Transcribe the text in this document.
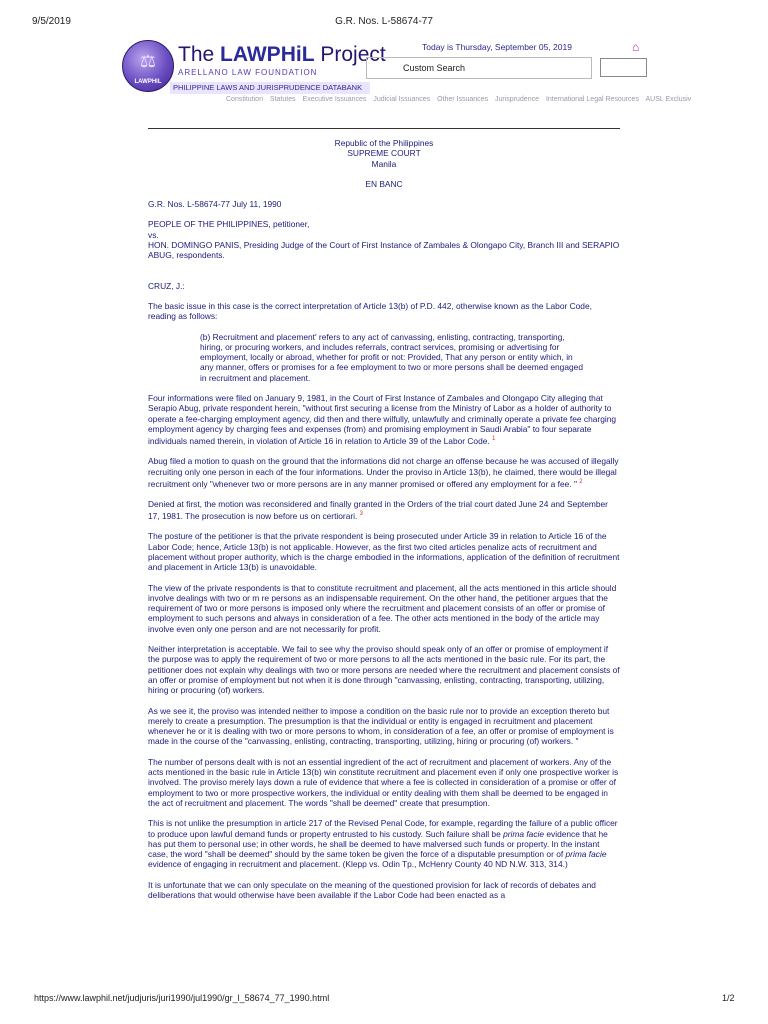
9/5/2019	G.R. Nos. L-58674-77
⚖
LAWPHIL
The LAWPHiL Project
ARELLANO LAW FOUNDATION
PHILIPPINE LAWS AND JURISPRUDENCE DATABANK
Today is Thursday, September 05, 2019	⌂
Custom Search
Constitution Statutes Executive Issuances Judicial Issuances Other Issuances Jurisprudence International Legal Resources AUSL Exclusiv
Republic of the Philippines
SUPREME COURT
Manila
EN BANC

G.R. Nos. L-58674-77 July 11, 1990

PEOPLE OF THE PHILIPPINES, petitioner,
vs.
HON. DOMINGO PANIS, Presiding Judge of the Court of First Instance of Zambales & Olongapo City, Branch III and SERAPIO ABUG, respondents.

CRUZ, J.:

The basic issue in this case is the correct interpretation of Article 13(b) of P.D. 442, otherwise known as the Labor Code, reading as follows:

(b) Recruitment and placement' refers to any act of canvassing, enlisting, contracting, transporting, hiring, or procuring workers, and includes referrals, contract services, promising or advertising for employment, locally or abroad, whether for profit or not: Provided, That any person or entity which, in any manner, offers or promises for a fee employment to two or more persons shall be deemed engaged in recruitment and placement.

Four informations were filed on January 9, 1981, in the Court of First Instance of Zambales and Olongapo City alleging that Serapio Abug, private respondent herein, "without first securing a license from the Ministry of Labor as a holder of authority to operate a fee-charging employment agency, did then and there wilfully, unlawfully and criminally operate a private fee charging employment agency by charging fees and expenses (from) and promising employment in Saudi Arabia" to four separate individuals named therein, in violation of Article 16 in relation to Article 39 of the Labor Code. $^1$

Abug filed a motion to quash on the ground that the informations did not charge an offense because he was accused of illegally recruiting only one person in each of the four informations. Under the proviso in Article 13(b), he claimed, there would be illegal recruitment only "whenever two or more persons are in any manner promised or offered any employment for a fee. " $^2$

Denied at first, the motion was reconsidered and finally granted in the Orders of the trial court dated June 24 and September 17, 1981. The prosecution is now before us on certiorari. $^3$

The posture of the petitioner is that the private respondent is being prosecuted under Article 39 in relation to Article 16 of the Labor Code; hence, Article 13(b) is not applicable. However, as the first two cited articles penalize acts of recruitment and placement without proper authority, which is the charge embodied in the informations, application of the definition of recruitment and placement in Article 13(b) is unavoidable.

The view of the private respondents is that to constitute recruitment and placement, all the acts mentioned in this article should involve dealings with two or m re persons as an indispensable requirement. On the other hand, the petitioner argues that the requirement of two or more persons is imposed only where the recruitment and placement consists of an offer or promise of employment to such persons and always in consideration of a fee. The other acts mentioned in the body of the article may involve even only one person and are not necessarily for profit.

Neither interpretation is acceptable. We fail to see why the proviso should speak only of an offer or promise of employment if the purpose was to apply the requirement of two or more persons to all the acts mentioned in the basic rule. For its part, the petitioner does not explain why dealings with two or more persons are needed where the recruitment and placement consists of an offer or promise of employment but not when it is done through "canvassing, enlisting, contracting, transporting, utilizing, hiring or procuring (of) workers.

As we see it, the proviso was intended neither to impose a condition on the basic rule nor to provide an exception thereto but merely to create a presumption. The presumption is that the individual or entity is engaged in recruitment and placement whenever he or it is dealing with two or more persons to whom, in consideration of a fee, an offer or promise of employment is made in the course of the "canvassing, enlisting, contracting, transporting, utilizing, hiring or procuring (of) workers. "

The number of persons dealt with is not an essential ingredient of the act of recruitment and placement of workers. Any of the acts mentioned in the basic rule in Article 13(b) win constitute recruitment and placement even if only one prospective worker is involved. The proviso merely lays down a rule of evidence that where a fee is collected in consideration of a promise or offer of employment to two or more prospective workers, the individual or entity dealing with them shall be deemed to be engaged in the act of recruitment and placement. The words "shall be deemed" create that presumption.

This is not unlike the presumption in article 217 of the Revised Penal Code, for example, regarding the failure of a public officer to produce upon lawful demand funds or property entrusted to his custody. Such failure shall be prima facie evidence that he has put them to personal use; in other words, he shall be deemed to have malversed such funds or property. In the instant case, the word "shall be deemed" should by the same token be given the force of a disputable presumption or of prima facie evidence of engaging in recruitment and placement. (Klepp vs. Odin Tp., McHenry County 40 ND N.W. 313, 314.)

It is unfortunate that we can only speculate on the meaning of the questioned provision for lack of records of debates and deliberations that would otherwise have been available if the Labor Code had been enacted as a

https://www.lawphil.net/judjuris/juri1990/jul1990/gr_l_58674_77_1990.html	1/2
